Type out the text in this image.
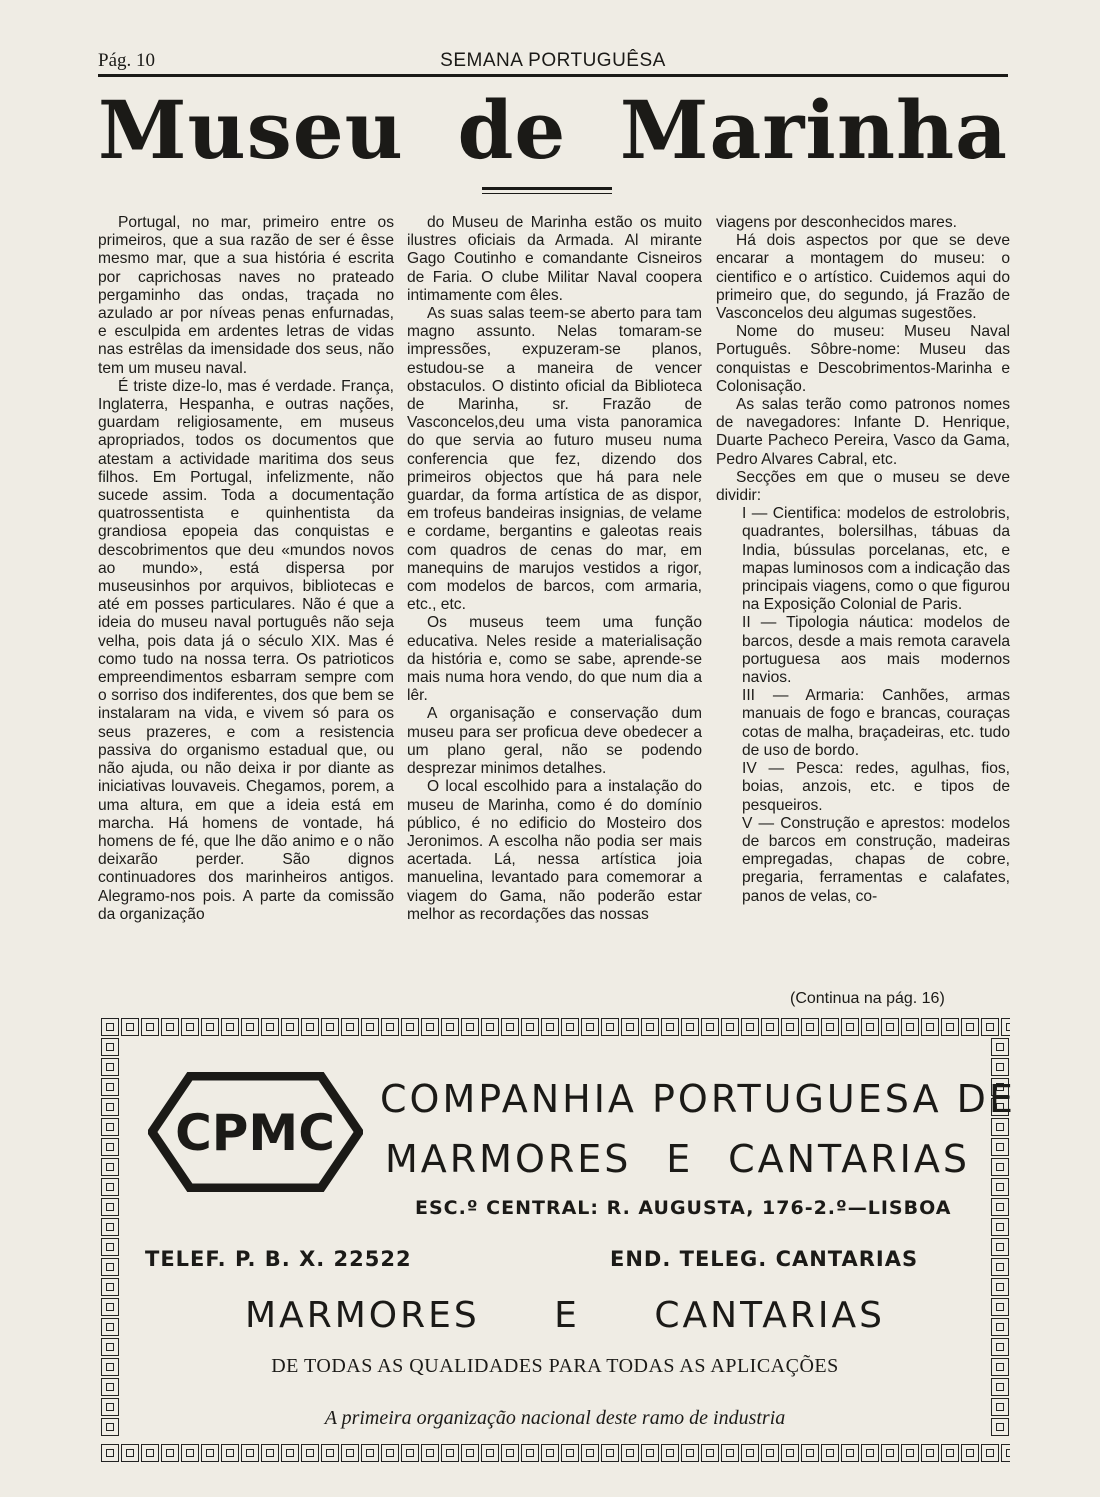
Pág. 10	SEMANA PORTUGUÊSA
Museu de Marinha

Portugal, no mar, primeiro entre os primeiros, que a sua razão de ser é êsse mesmo mar, que a sua história é escrita por caprichosas naves no prateado pergaminho das ondas, traçada no azulado ar por níveas penas enfurnadas, e esculpida em ardentes letras de vidas nas estrêlas da imensidade dos seus, não tem um museu naval.

É triste dize-lo, mas é verdade. França, Inglaterra, Hespanha, e outras nações, guardam religiosamente, em museus apropriados, todos os documentos que atestam a actividade maritima dos seus filhos. Em Portugal, infelizmente, não sucede assim. Toda a documentação quatrossentista e quinhentista da grandiosa epopeia das conquistas e descobrimentos que deu «mundos novos ao mundo», está dispersa por museusinhos por arquivos, bibliotecas e até em posses particulares. Não é que a ideia do museu naval português não seja velha, pois data já o século XIX. Mas é como tudo na nossa terra. Os patrioticos empreendimentos esbarram sempre com o sorriso dos indiferentes, dos que bem se instalaram na vida, e vivem só para os seus prazeres, e com a resistencia passiva do organismo estadual que, ou não ajuda, ou não deixa ir por diante as iniciativas louvaveis. Chegamos, porem, a uma altura, em que a ideia está em marcha. Há homens de vontade, há homens de fé, que lhe dão animo e o não deixarão perder. São dignos continuadores dos marinheiros antigos. Alegramo-nos pois. A parte da comissão da organização

do Museu de Marinha estão os muito ilustres oficiais da Armada. Al mirante Gago Coutinho e comandante Cisneiros de Faria. O clube Militar Naval coopera intimamente com êles.

As suas salas teem-se aberto para tam magno assunto. Nelas tomaram-se impressões, expuzeram-se planos, estudou-se a maneira de vencer obstaculos. O distinto oficial da Biblioteca de Marinha, sr. Frazão de Vasconcelos,deu uma vista panoramica do que servia ao futuro museu numa conferencia que fez, dizendo dos primeiros objectos que há para nele guardar, da forma artística de as dispor, em trofeus bandeiras insignias, de velame e cordame, bergantins e galeotas reais com quadros de cenas do mar, em manequins de marujos vestidos a rigor, com modelos de barcos, com armaria, etc., etc.

Os museus teem uma função educativa. Neles reside a materialisação da história e, como se sabe, aprende-se mais numa hora vendo, do que num dia a lêr.

A organisação e conservação dum museu para ser proficua deve obedecer a um plano geral, não se podendo desprezar minimos detalhes.

O local escolhido para a instalação do museu de Marinha, como é do domínio público, é no edificio do Mosteiro dos Jeronimos. A escolha não podia ser mais acertada. Lá, nessa artística joia manuelina, levantado para comemorar a viagem do Gama, não poderão estar melhor as recordações das nossas

viagens por desconhecidos mares.

Há dois aspectos por que se deve encarar a montagem do museu: o cientifico e o artístico. Cuidemos aqui do primeiro que, do segundo, já Frazão de Vasconcelos deu algumas sugestões.

Nome do museu: Museu Naval Português. Sôbre-nome: Museu das conquistas e Descobrimentos-Marinha e Colonisação.

As salas terão como patronos nomes de navegadores: Infante D. Henrique, Duarte Pacheco Pereira, Vasco da Gama, Pedro Alvares Cabral, etc.

Secções em que o museu se deve dividir:

I — Cientifica: modelos de estrolobris, quadrantes, bolersilhas, tábuas da India, bússulas porcelanas, etc, e mapas luminosos com a indicação das principais viagens, como o que figurou na Exposição Colonial de Paris.

II — Tipologia náutica: modelos de barcos, desde a mais remota caravela portuguesa aos mais modernos navios.

III — Armaria: Canhões, armas manuais de fogo e brancas, couraças cotas de malha, braçadeiras, etc. tudo de uso de bordo.

IV — Pesca: redes, agulhas, fios, boias, anzois, etc. e tipos de pesqueiros.

V — Construção e aprestos: modelos de barcos em construção, madeiras empregadas, chapas de cobre, pregaria, ferramentas e calafates, panos de velas, co-

(Continua na pág. 16)
CPMC
COMPANHIA PORTUGUESA DE
MARMORES E CANTARIAS
ESC.º CENTRAL: R. AUGUSTA, 176-2.º—LISBOA
TELEF. P. B. X. 22522	END. TELEG. CANTARIAS
MARMORES E CANTARIAS
DE TODAS AS QUALIDADES PARA TODAS AS APLICAÇÕES
A primeira organização nacional deste ramo de industria
